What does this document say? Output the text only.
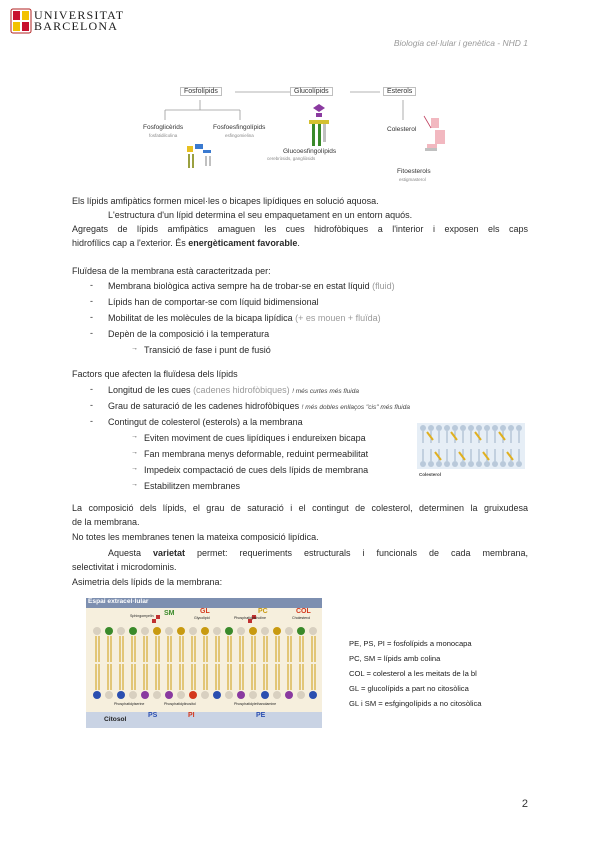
UNIVERSITAT
BARCELONA
Biologia cel·lular i genètica - NHD 1
Fosfolípids	Glucolípids	Esterols
Fosfoglicèrids
fosfatidilcolina
Fosfoesfingolípids
esfingomielina
Glucoesfingolípids
cerebròsids, gangliòsids
Colesterol
Fitoesterols
estigmasterol
Els lípids amfipàtics formen micel·les o bicapes lipídiques en solució aquosa.
L'estructura d'un lípid determina el seu empaquetament en un entorn aquós.
Agregats de lípids amfipàtics amaguen les cues hidrofòbiques a l'interior i exposen els caps
hidrofílics cap a l'exterior. És energèticament favorable.
Fluïdesa de la membrana està caracteritzada per:
- Membrana biològica activa sempre ha de trobar-se en estat líquid (fluid)
- Lípids han de comportar-se com líquid bidimensional
- Mobilitat de les molècules de la bicapa lipídica (+ es mouen + fluïda)
- Depèn de la composició i la temperatura
→ Transició de fase i punt de fusió
Factors que afecten la fluïdesa dels lípids
- Longitud de les cues (cadenes hidrofòbiques) ! més curtes més fluida
- Grau de saturació de les cadenes hidrofòbiques ! més dobles enllaços "cis" més fluida
- Contingut de colesterol (esterols) a la membrana
→ Eviten moviment de cues lipídiques i endureixen bicapa
→ Fan membrana menys deformable, reduint permeabilitat
→ Impedeix compactació de cues dels lípids de membrana
→ Estabilitzen membranes
Colesterol
La composició dels lípids, el grau de saturació i el contingut de colesterol, determinen la gruixudesa
de la membrana.
No totes les membranes tenen la mateixa composició lipídica.
Aquesta varietat permet: requeriments estructurals i funcionals de cada membrana,
selectivitat i microdominis.
Asimetria dels lípids de la membrana:
Espai extracel·lular
SM	GL	PC	COL
Sphingomyelin	Glycolipid	Phosphatidylcholine	Cholesterol
Phosphatidylserine	Phosphatidylinositol	Phosphatidylethanolamine
Citosol
PS	PI	PE
PE, PS, PI = fosfolípids a monocapa
PC, SM = lípids amb colina
COL = colesterol a les meitats de la bl
GL = glucolípids a part no citosòlica
GL i SM = esfgingolípids a no citosòlica
2
